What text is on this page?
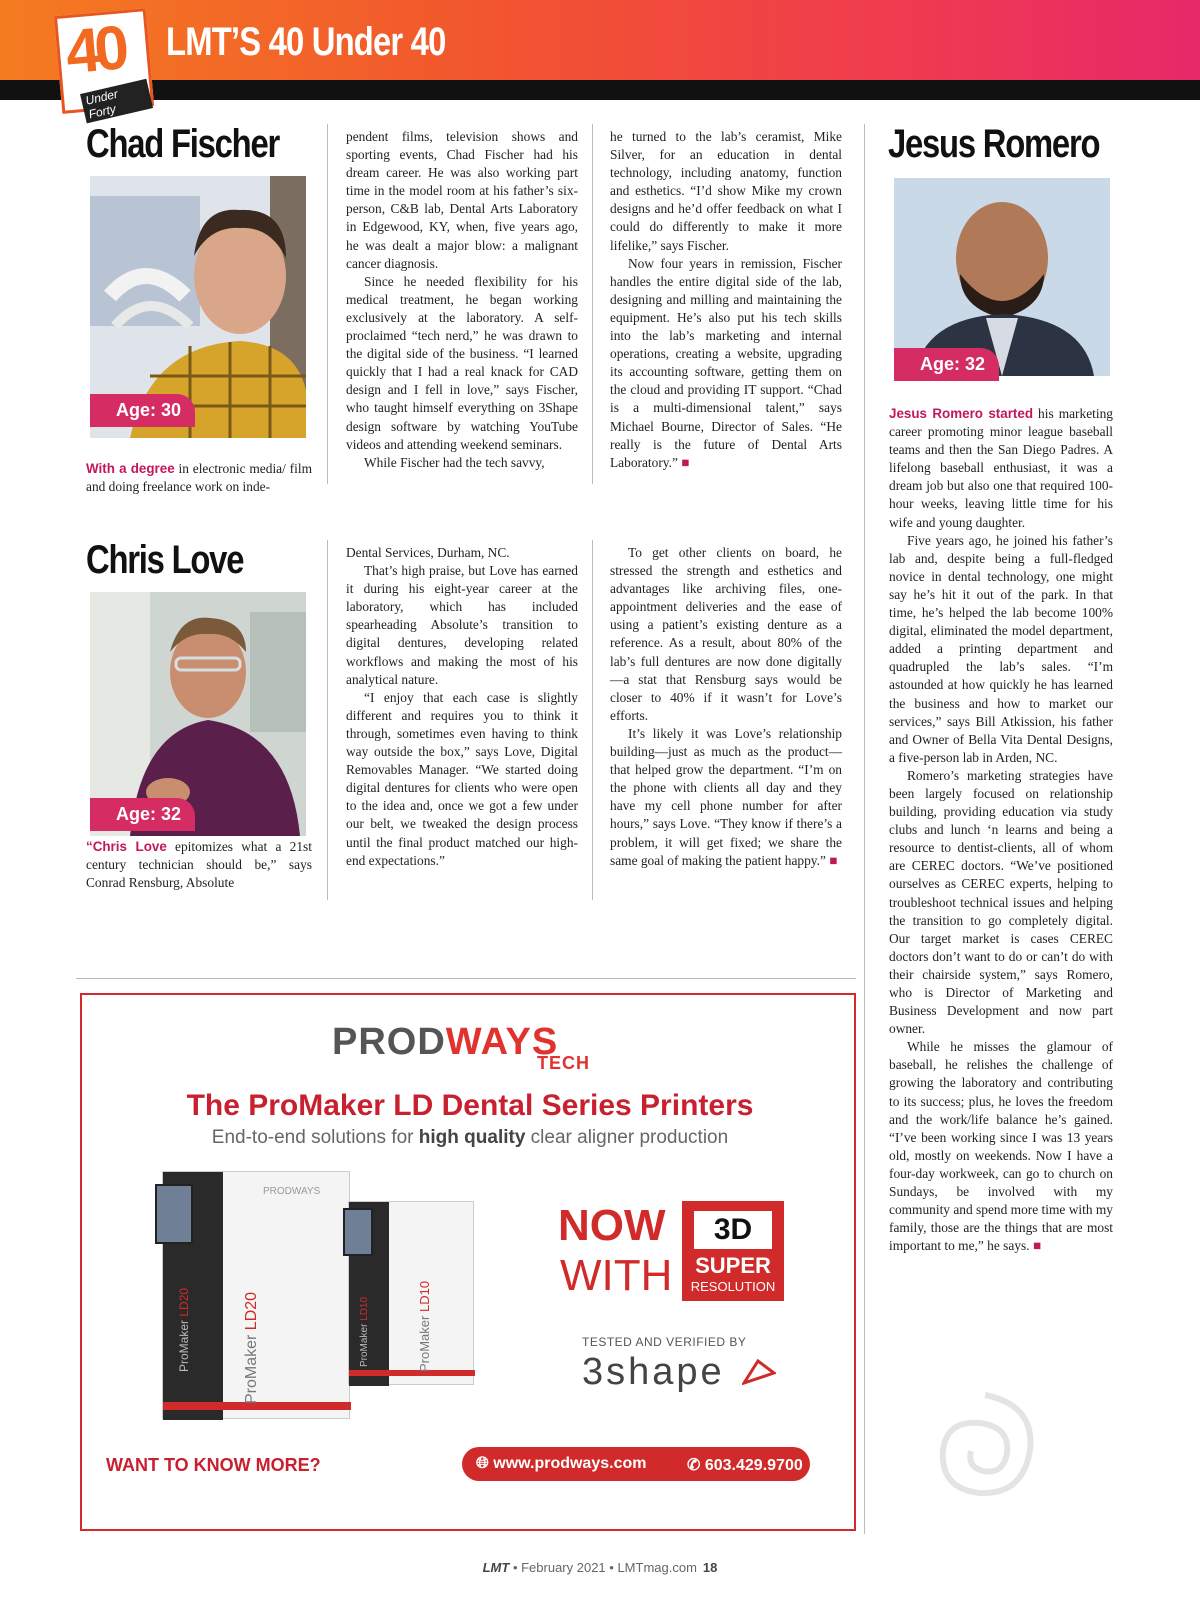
40
Under Forty
LMT’S 40 Under 40
Chad Fischer
Age: 30

With a degree in electronic media/ film and doing freelance work on inde-

pendent films, television shows and sporting events, Chad Fischer had his dream career. He was also working part time in the model room at his father’s six-person, C&B lab, Dental Arts Laboratory in Edgewood, KY, when, five years ago, he was dealt a major blow: a malignant cancer diagnosis.

Since he needed flexibility for his medical treatment, he began working exclusively at the laboratory. A self-proclaimed “tech nerd,” he was drawn to the digital side of the business. “I learned quickly that I had a real knack for CAD design and I fell in love,” says Fischer, who taught himself everything on 3Shape design software by watching YouTube videos and attending weekend seminars.

While Fischer had the tech savvy,

he turned to the lab’s ceramist, Mike Silver, for an education in dental technology, including anatomy, function and esthetics. “I’d show Mike my crown designs and he’d offer feedback on what I could do differently to make it more lifelike,” says Fischer.

Now four years in remission, Fischer handles the entire digital side of the lab, designing and milling and maintaining the equipment. He’s also put his tech skills into the lab’s marketing and internal operations, creating a website, upgrading its accounting software, getting them on the cloud and providing IT support. “Chad is a multi-dimensional talent,” says Michael Bourne, Director of Sales. “He really is the future of Dental Arts Laboratory.” ■

Chris Love
Age: 32

“Chris Love epitomizes what a 21st century technician should be,” says Conrad Rensburg, Absolute

Dental Services, Durham, NC.

That’s high praise, but Love has earned it during his eight-year career at the laboratory, which has included spearheading Absolute’s transition to digital dentures, developing related workflows and making the most of his analytical nature.

“I enjoy that each case is slightly different and requires you to think it through, sometimes even having to think way outside the box,” says Love, Digital Removables Manager. “We started doing digital dentures for clients who were open to the idea and, once we got a few under our belt, we tweaked the design process until the final product matched our high-end expectations.”

To get other clients on board, he stressed the strength and esthetics and advantages like archiving files, one-appointment deliveries and the ease of using a patient’s existing denture as a reference. As a result, about 80% of the lab’s full dentures are now done digitally—a stat that Rensburg says would be closer to 40% if it wasn’t for Love’s efforts.

It’s likely it was Love’s relationship building—just as much as the product—that helped grow the department. “I’m on the phone with clients all day and they have my cell phone number for after hours,” says Love. “They know if there’s a problem, it will get fixed; we share the same goal of making the patient happy.” ■

Jesus Romero
Age: 32

Jesus Romero started his marketing career promoting minor league baseball teams and then the San Diego Padres. A lifelong baseball enthusiast, it was a dream job but also one that required 100-hour weeks, leaving little time for his wife and young daughter.

Five years ago, he joined his father’s lab and, despite being a full-fledged novice in dental technology, one might say he’s hit it out of the park. In that time, he’s helped the lab become 100% digital, eliminated the model department, added a printing department and quadrupled the lab’s sales. “I’m astounded at how quickly he has learned the business and how to market our services,” says Bill Atkission, his father and Owner of Bella Vita Dental Designs, a five-person lab in Arden, NC.

Romero’s marketing strategies have been largely focused on relationship building, providing education via study clubs and lunch ‘n learns and being a resource to dentist-clients, all of whom are CEREC doctors. “We’ve positioned ourselves as CEREC experts, helping to troubleshoot technical issues and helping the transition to go completely digital. Our target market is cases CEREC doctors don’t want to do or can’t do with their chairside system,” says Romero, who is Director of Marketing and Business Development and now part owner.

While he misses the glamour of baseball, he relishes the challenge of growing the laboratory and contributing to its success; plus, he loves the freedom and the work/life balance he’s gained. “I’ve been working since I was 13 years old, mostly on weekends. Now I have a four-day workweek, can go to church on Sundays, be involved with my community and spend more time with my family, those are the things that are most important to me,” he says. ■

PRODWAYS
TECH
The ProMaker LD Dental Series Printers
End-to-end solutions for high quality clear aligner production
PRODWAYS
ProMaker LD20
ProMaker LD20
ProMaker LD10
ProMaker LD10
NOW
WITH
3D
SUPER
RESOLUTION
TESTED AND VERIFIED BY
3shape
WANT TO KNOW MORE?	🌐︎ www.prodways.com	✆ 603.429.9700
LMT • February 2021 • LMTmag.com 18
